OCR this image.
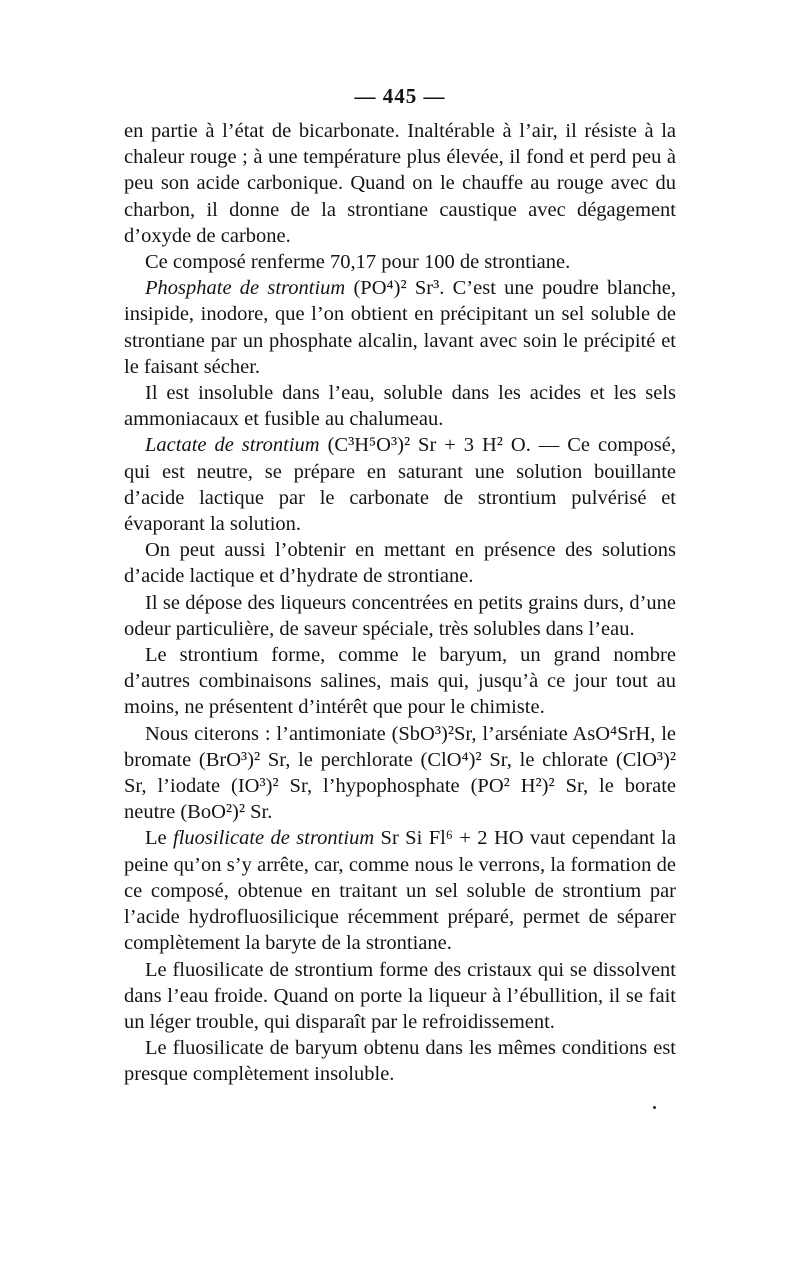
— 445 —

en partie à l’état de bicarbonate. Inaltérable à l’air, il résiste à la chaleur rouge ; à une température plus élevée, il fond et perd peu à peu son acide carbonique. Quand on le chauffe au rouge avec du charbon, il donne de la strontiane caustique avec dégagement d’oxyde de carbone.

Ce composé renferme 70,17 pour 100 de strontiane.

Phosphate de strontium (PO⁴)² Sr³. C’est une poudre blanche, insipide, inodore, que l’on obtient en précipitant un sel soluble de strontiane par un phosphate alcalin, lavant avec soin le précipité et le faisant sécher.

Il est insoluble dans l’eau, soluble dans les acides et les sels ammoniacaux et fusible au chalumeau.

Lactate de strontium (C³H⁵O³)² Sr + 3 H² O. — Ce composé, qui est neutre, se prépare en saturant une solution bouillante d’acide lactique par le carbonate de strontium pulvérisé et évaporant la solution.

On peut aussi l’obtenir en mettant en présence des solutions d’acide lactique et d’hydrate de strontiane.

Il se dépose des liqueurs concentrées en petits grains durs, d’une odeur particulière, de saveur spéciale, très solubles dans l’eau.

Le strontium forme, comme le baryum, un grand nombre d’autres combinaisons salines, mais qui, jusqu’à ce jour tout au moins, ne présentent d’intérêt que pour le chimiste.

Nous citerons : l’antimoniate (SbO³)²Sr, l’arséniate AsO⁴SrH, le bromate (BrO³)² Sr, le perchlorate (ClO⁴)² Sr, le chlorate (ClO³)² Sr, l’iodate (IO³)² Sr, l’hypophosphate (PO² H²)² Sr, le borate neutre (BoO²)² Sr.

Le fluosilicate de strontium Sr Si Fl⁶ + 2 HO vaut cependant la peine qu’on s’y arrête, car, comme nous le verrons, la formation de ce composé, obtenue en traitant un sel soluble de strontium par l’acide hydrofluosilicique récemment préparé, permet de séparer complètement la baryte de la strontiane.

Le fluosilicate de strontium forme des cristaux qui se dissolvent dans l’eau froide. Quand on porte la liqueur à l’ébullition, il se fait un léger trouble, qui disparaît par le refroidissement.

Le fluosilicate de baryum obtenu dans les mêmes conditions est presque complètement insoluble.
